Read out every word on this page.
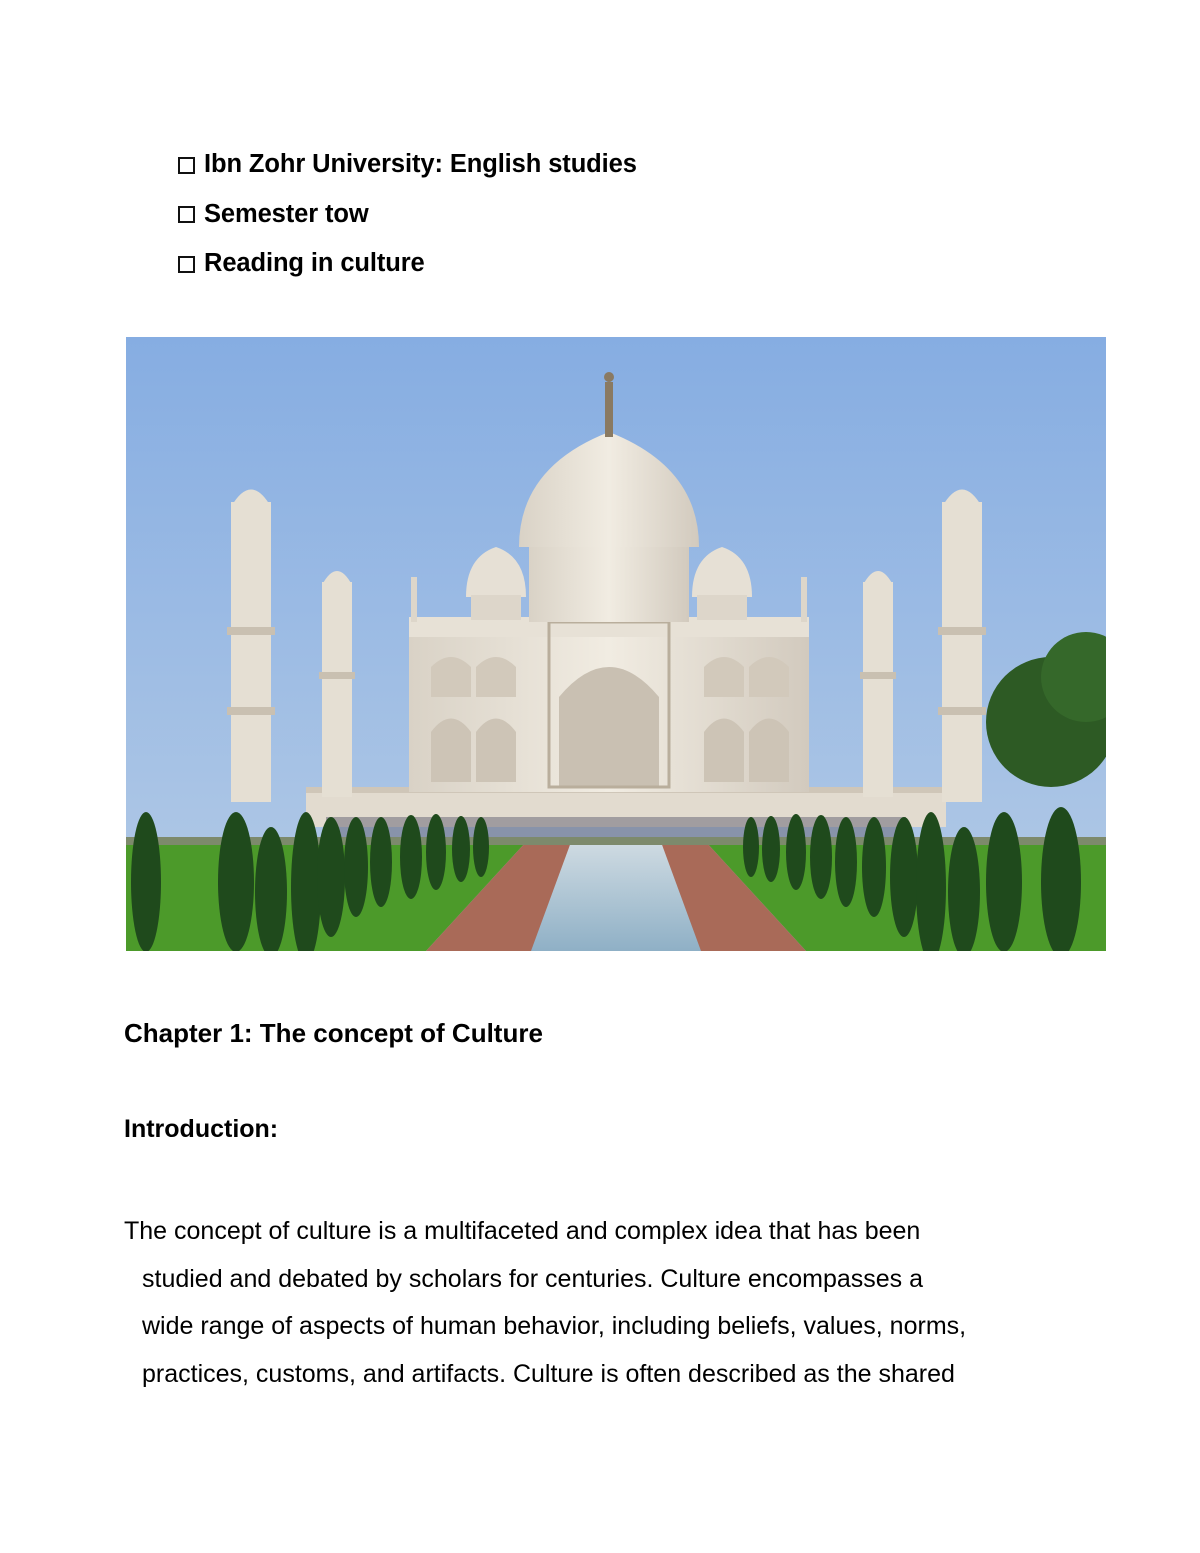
Ibn Zohr University: English studies
Semester tow
Reading in culture
Chapter 1: The concept of Culture
Introduction:
The concept of culture is a multifaceted and complex idea that has been
studied and debated by scholars for centuries. Culture encompasses a
wide range of aspects of human behavior, including beliefs, values, norms,
practices, customs, and artifacts. Culture is often described as the shared
